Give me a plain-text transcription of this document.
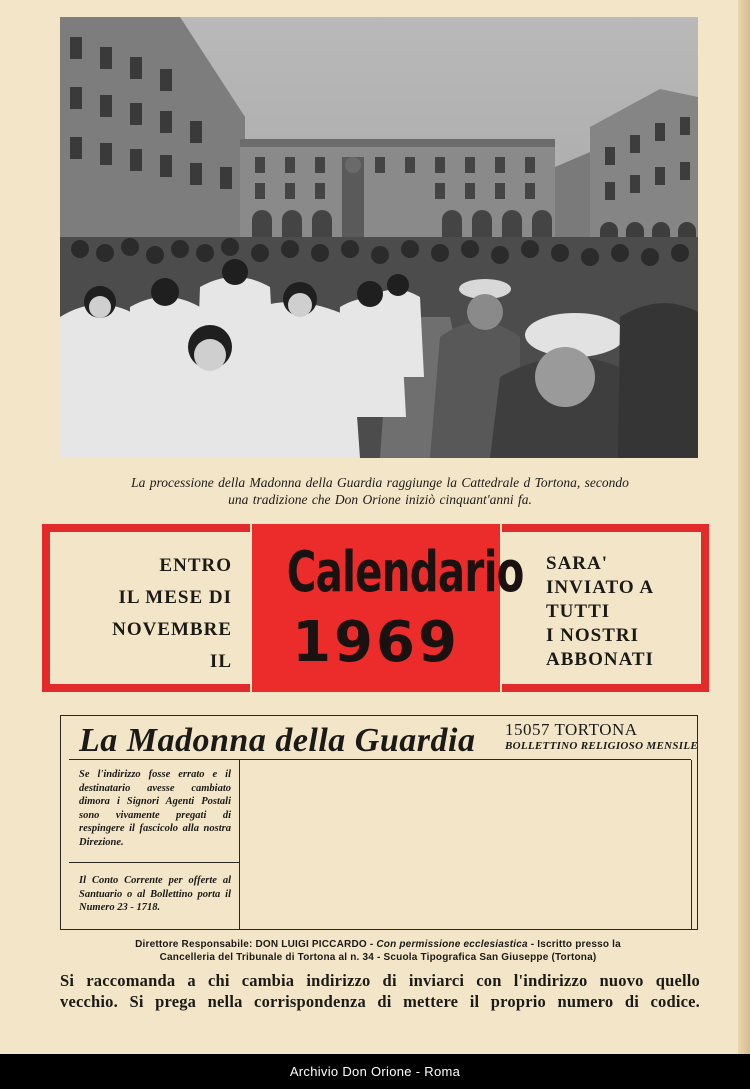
La processione della Madonna della Guardia raggiunge la Cattedrale d Tortona, secondo
una tradizione che Don Orione iniziò cinquant'anni fa.
ENTRO
IL MESE DI
NOVEMBRE
IL
Calendario
1969
SARA'
INVIATO A
TUTTI
I NOSTRI
ABBONATI
La Madonna della Guardia 15057 TORTONA
BOLLETTINO RELIGIOSO MENSILE
Se l'indirizzo fosse errato e il destinatario avesse cambiato dimora i Signori Agenti Postali sono vivamente pregati di respingere il fascicolo alla nostra Direzione.
Il Conto Corrente per offerte al Santuario o al Bollettino porta il Numero 23 - 1718.
Direttore Responsabile: DON LUIGI PICCARDO - Con permissione ecclesiastica - Iscritto presso la
Cancelleria del Tribunale di Tortona al n. 34 - Scuola Tipografica San Giuseppe (Tortona)
Si raccomanda a chi cambia indirizzo di inviarci con l'indirizzo nuovo quello
vecchio. Si prega nella corrispondenza di mettere il proprio numero di codice.
Archivio Don Orione - Roma
